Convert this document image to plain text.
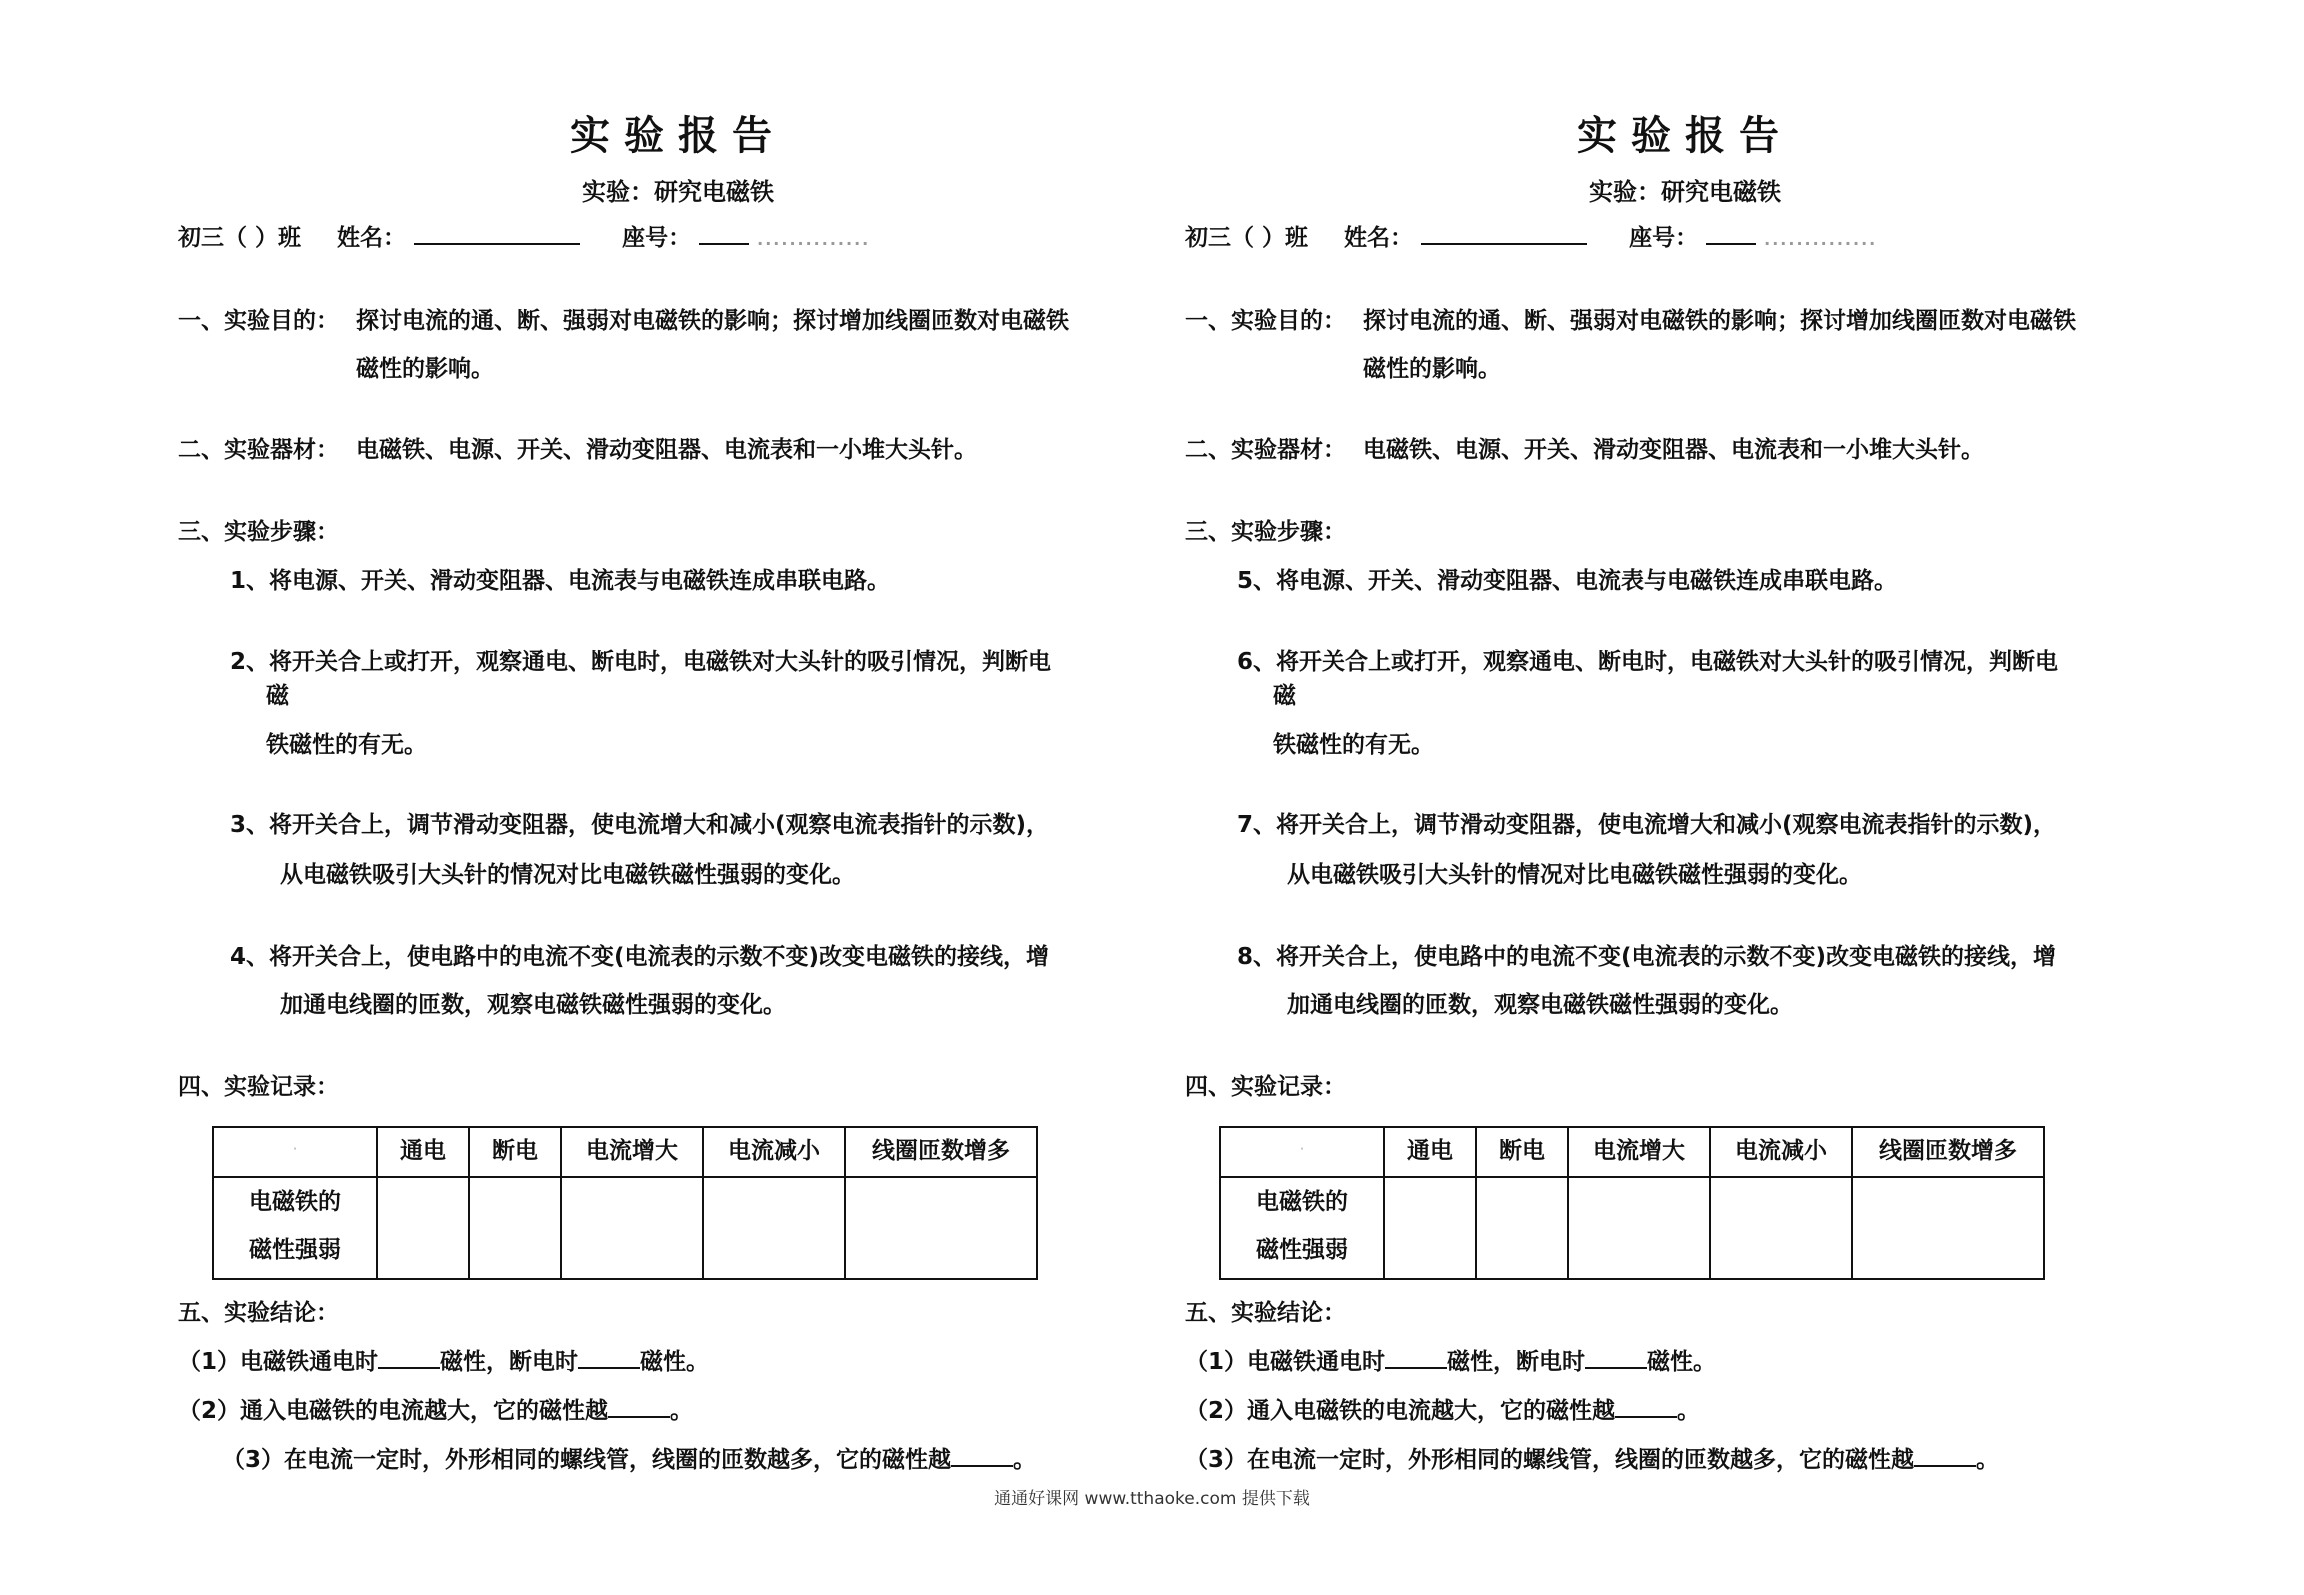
实验报告
实验：研究电磁铁
初三（ ）班 姓名：	座号：	..............
一、实验目的： 探讨电流的通、断、强弱对电磁铁的影响；探讨增加线圈匝数对电磁铁
磁性的影响。
二、实验器材： 电磁铁、电源、开关、滑动变阻器、电流表和一小堆大头针。
三、实验步骤：
1、将电源、开关、滑动变阻器、电流表与电磁铁连成串联电路。
2、将开关合上或打开，观察通电、断电时，电磁铁对大头针的吸引情况，判断电
磁
铁磁性的有无。
3、将开关合上，调节滑动变阻器，使电流增大和减小(观察电流表指针的示数)，
从电磁铁吸引大头针的情况对比电磁铁磁性强弱的变化。
4、将开关合上，使电路中的电流不变(电流表的示数不变)改变电磁铁的接线，增
加通电线圈的匝数，观察电磁铁磁性强弱的变化。
四、实验记录：
·	通电	断电	电流增大	电流减小	线圈匝数增多

电磁铁的
磁性强弱					

五、实验结论：
（1）电磁铁通电时	磁性，断电时	磁性。
（2）通入电磁铁的电流越大，它的磁性越	。
（3）在电流一定时，外形相同的螺线管，线圈的匝数越多，它的磁性越	。
实验报告
实验：研究电磁铁
初三（ ）班 姓名：	座号：	..............
一、实验目的： 探讨电流的通、断、强弱对电磁铁的影响；探讨增加线圈匝数对电磁铁
磁性的影响。
二、实验器材： 电磁铁、电源、开关、滑动变阻器、电流表和一小堆大头针。
三、实验步骤：
5、将电源、开关、滑动变阻器、电流表与电磁铁连成串联电路。
6、将开关合上或打开，观察通电、断电时，电磁铁对大头针的吸引情况，判断电
磁
铁磁性的有无。
7、将开关合上，调节滑动变阻器，使电流增大和减小(观察电流表指针的示数)，
从电磁铁吸引大头针的情况对比电磁铁磁性强弱的变化。
8、将开关合上，使电路中的电流不变(电流表的示数不变)改变电磁铁的接线，增
加通电线圈的匝数，观察电磁铁磁性强弱的变化。
四、实验记录：
·	通电	断电	电流增大	电流减小	线圈匝数增多

电磁铁的
磁性强弱					

五、实验结论：
（1）电磁铁通电时	磁性，断电时	磁性。
（2）通入电磁铁的电流越大，它的磁性越	。
（3）在电流一定时，外形相同的螺线管，线圈的匝数越多，它的磁性越	。
通通好课网 www.tthaoke.com 提供下载
